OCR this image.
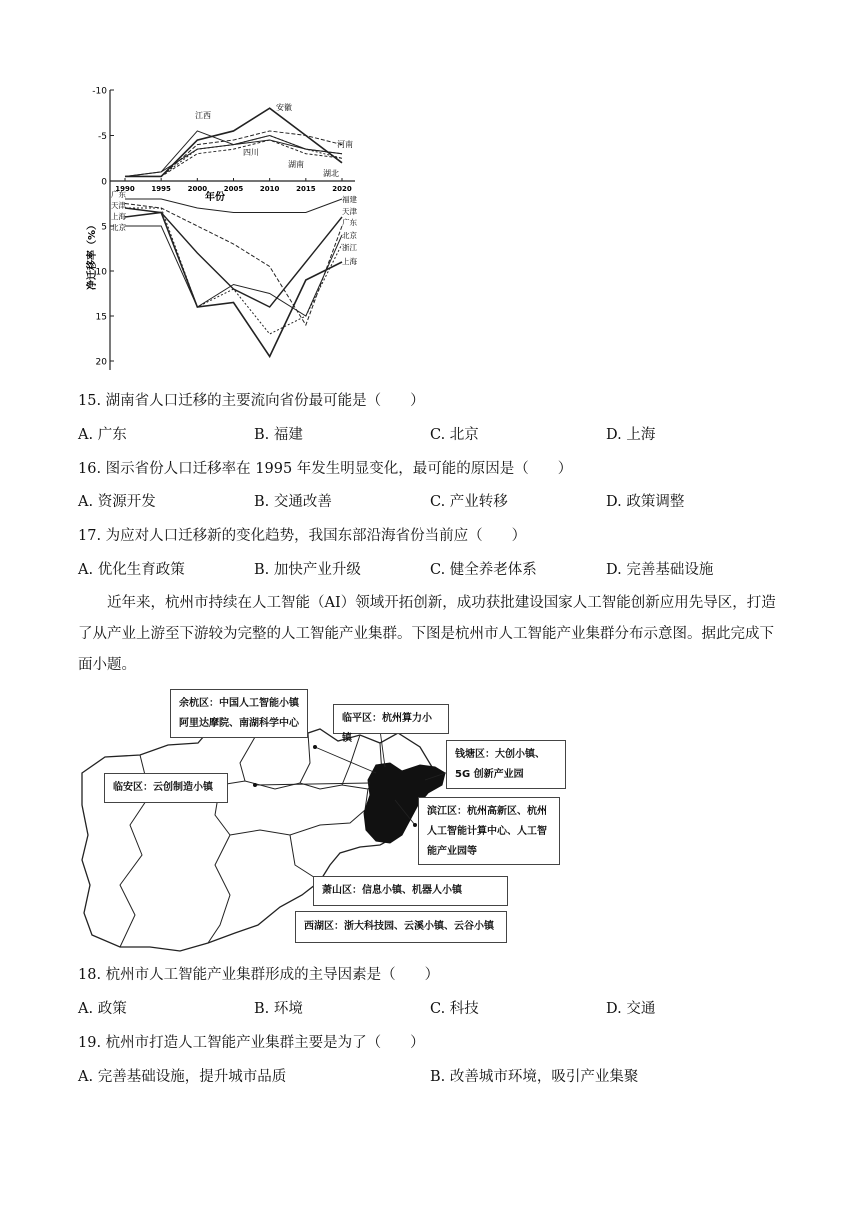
-10
-5
0
5
10
15
20
1990 1995 2000 2005 2010 2015 2020
净迁移率（%）
年份
江西
安徽
河南
四川
湖南
湖北
广东
天津
上海
北京
福建
天津
广东
北京
浙江
上海
15. 湖南省人口迁移的主要流向省份最可能是（　　）
A. 广东	B. 福建	C. 北京	D. 上海
16. 图示省份人口迁移率在 1995 年发生明显变化，最可能的原因是（　　）
A. 资源开发	B. 交通改善	C. 产业转移	D. 政策调整
17. 为应对人口迁移新的变化趋势，我国东部沿海省份当前应（　　）
A. 优化生育政策	B. 加快产业升级	C. 健全养老体系	D. 完善基础设施
近年来，杭州市持续在人工智能（AI）领域开拓创新，成功获批建设国家人工智能创新应用先导区，打造了从产业上游至下游较为完整的人工智能产业集群。下图是杭州市人工智能产业集群分布示意图。据此完成下面小题。
余杭区：中国人工智能小镇 阿里达摩院、南湖科学中心	临平区：杭州算力小镇
钱塘区：大创小镇、5G 创新产业园
临安区：云创制造小镇
滨江区：杭州高新区、杭州人工智能计算中心、人工智能产业园等
萧山区：信息小镇、机器人小镇
西湖区：浙大科技园、云溪小镇、云谷小镇
18. 杭州市人工智能产业集群形成的主导因素是（　　）
A. 政策	B. 环境	C. 科技	D. 交通
19. 杭州市打造人工智能产业集群主要是为了（　　）
A. 完善基础设施，提升城市品质	B. 改善城市环境，吸引产业集聚
